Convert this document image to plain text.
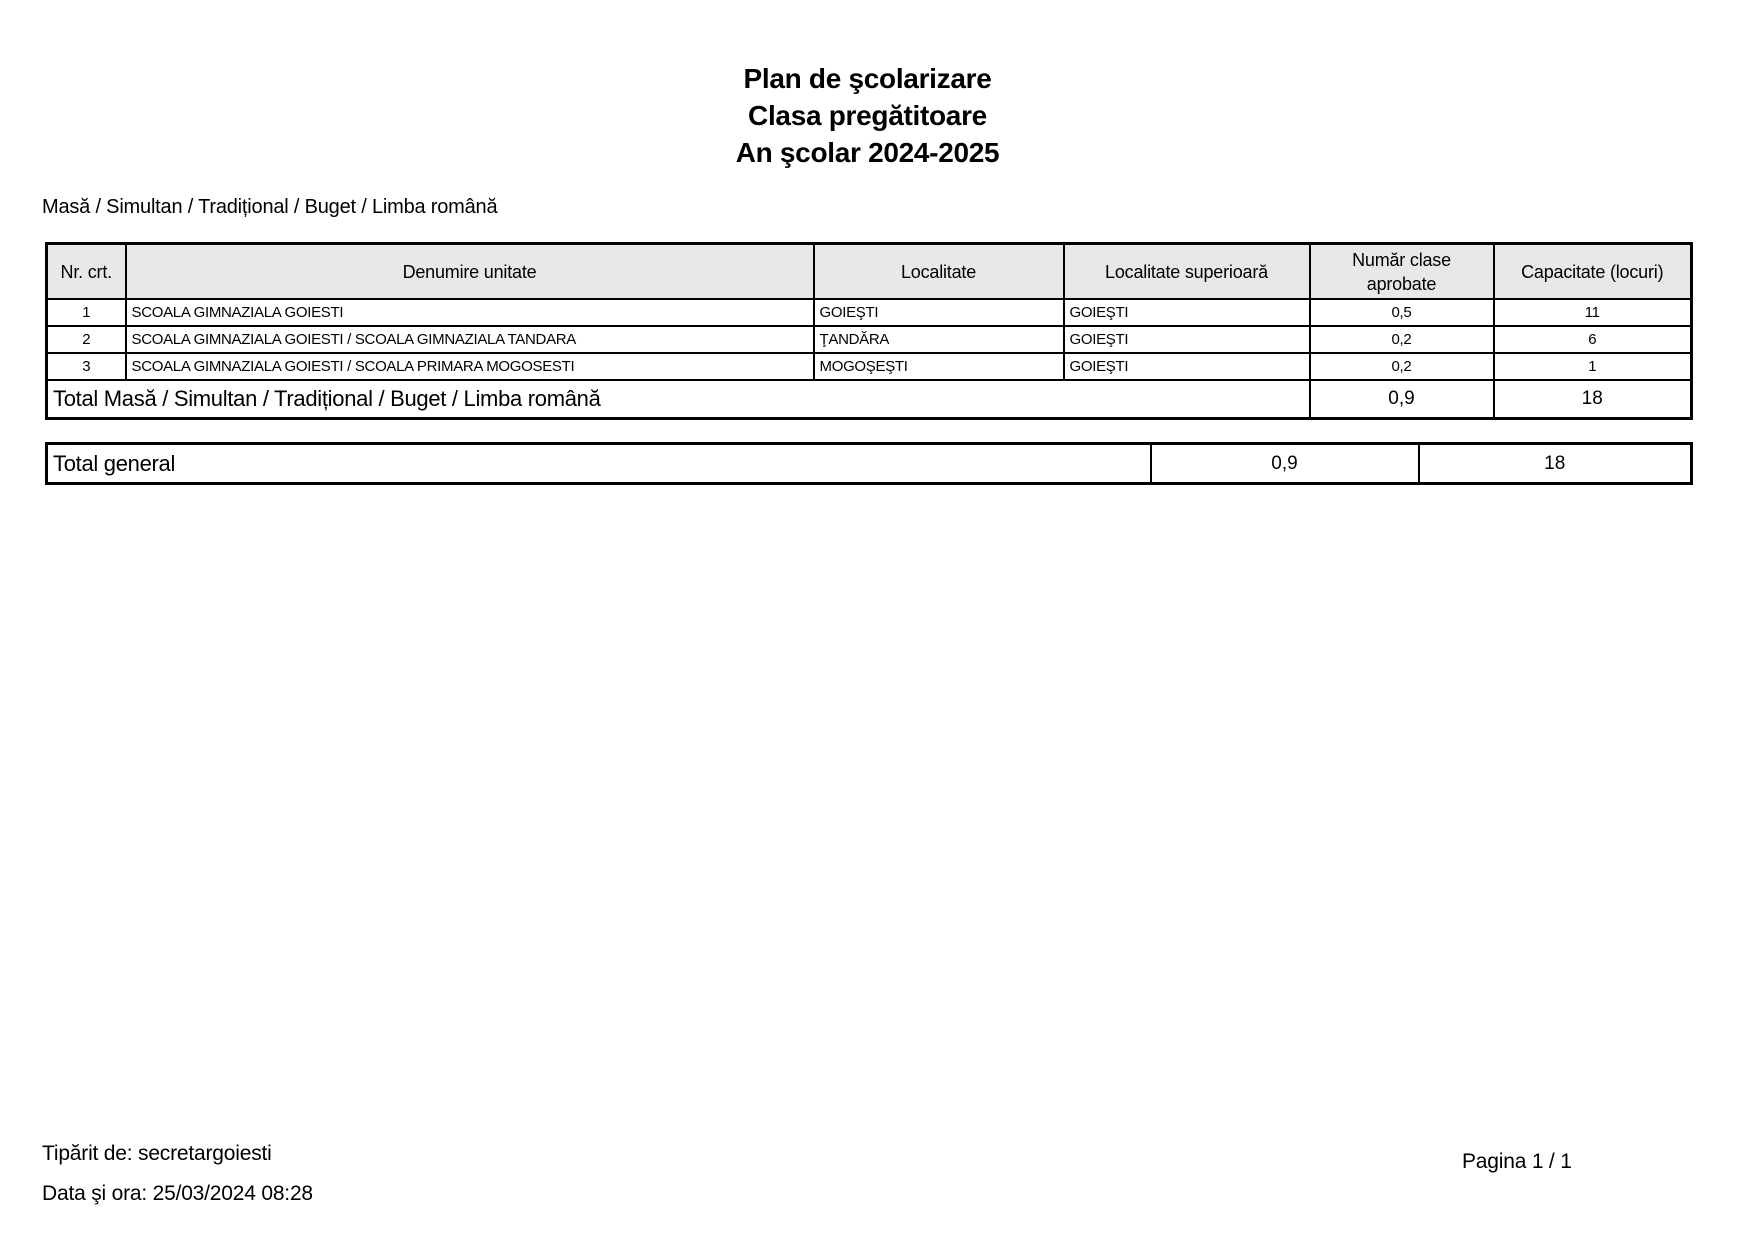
Plan de şcolarizare
Clasa pregătitoare
An şcolar 2024-2025
Masă / Simultan / Tradițional / Buget / Limba română
Nr. crt.	Denumire unitate	Localitate	Localitate superioară	Număr clase aprobate	Capacitate (locuri)
1	SCOALA GIMNAZIALA GOIESTI	GOIEŞTI	GOIEŞTI	0,5	11
2	SCOALA GIMNAZIALA GOIESTI / SCOALA GIMNAZIALA TANDARA	ŢANDĂRA	GOIEŞTI	0,2	6
3	SCOALA GIMNAZIALA GOIESTI / SCOALA PRIMARA MOGOSESTI	MOGOŞEŞTI	GOIEŞTI	0,2	1
Total Masă / Simultan / Tradițional / Buget / Limba română				0,9	18
Total general	0,9	18
Tipărit de: secretargoiesti
Data şi ora: 25/03/2024 08:28
Pagina 1 / 1
